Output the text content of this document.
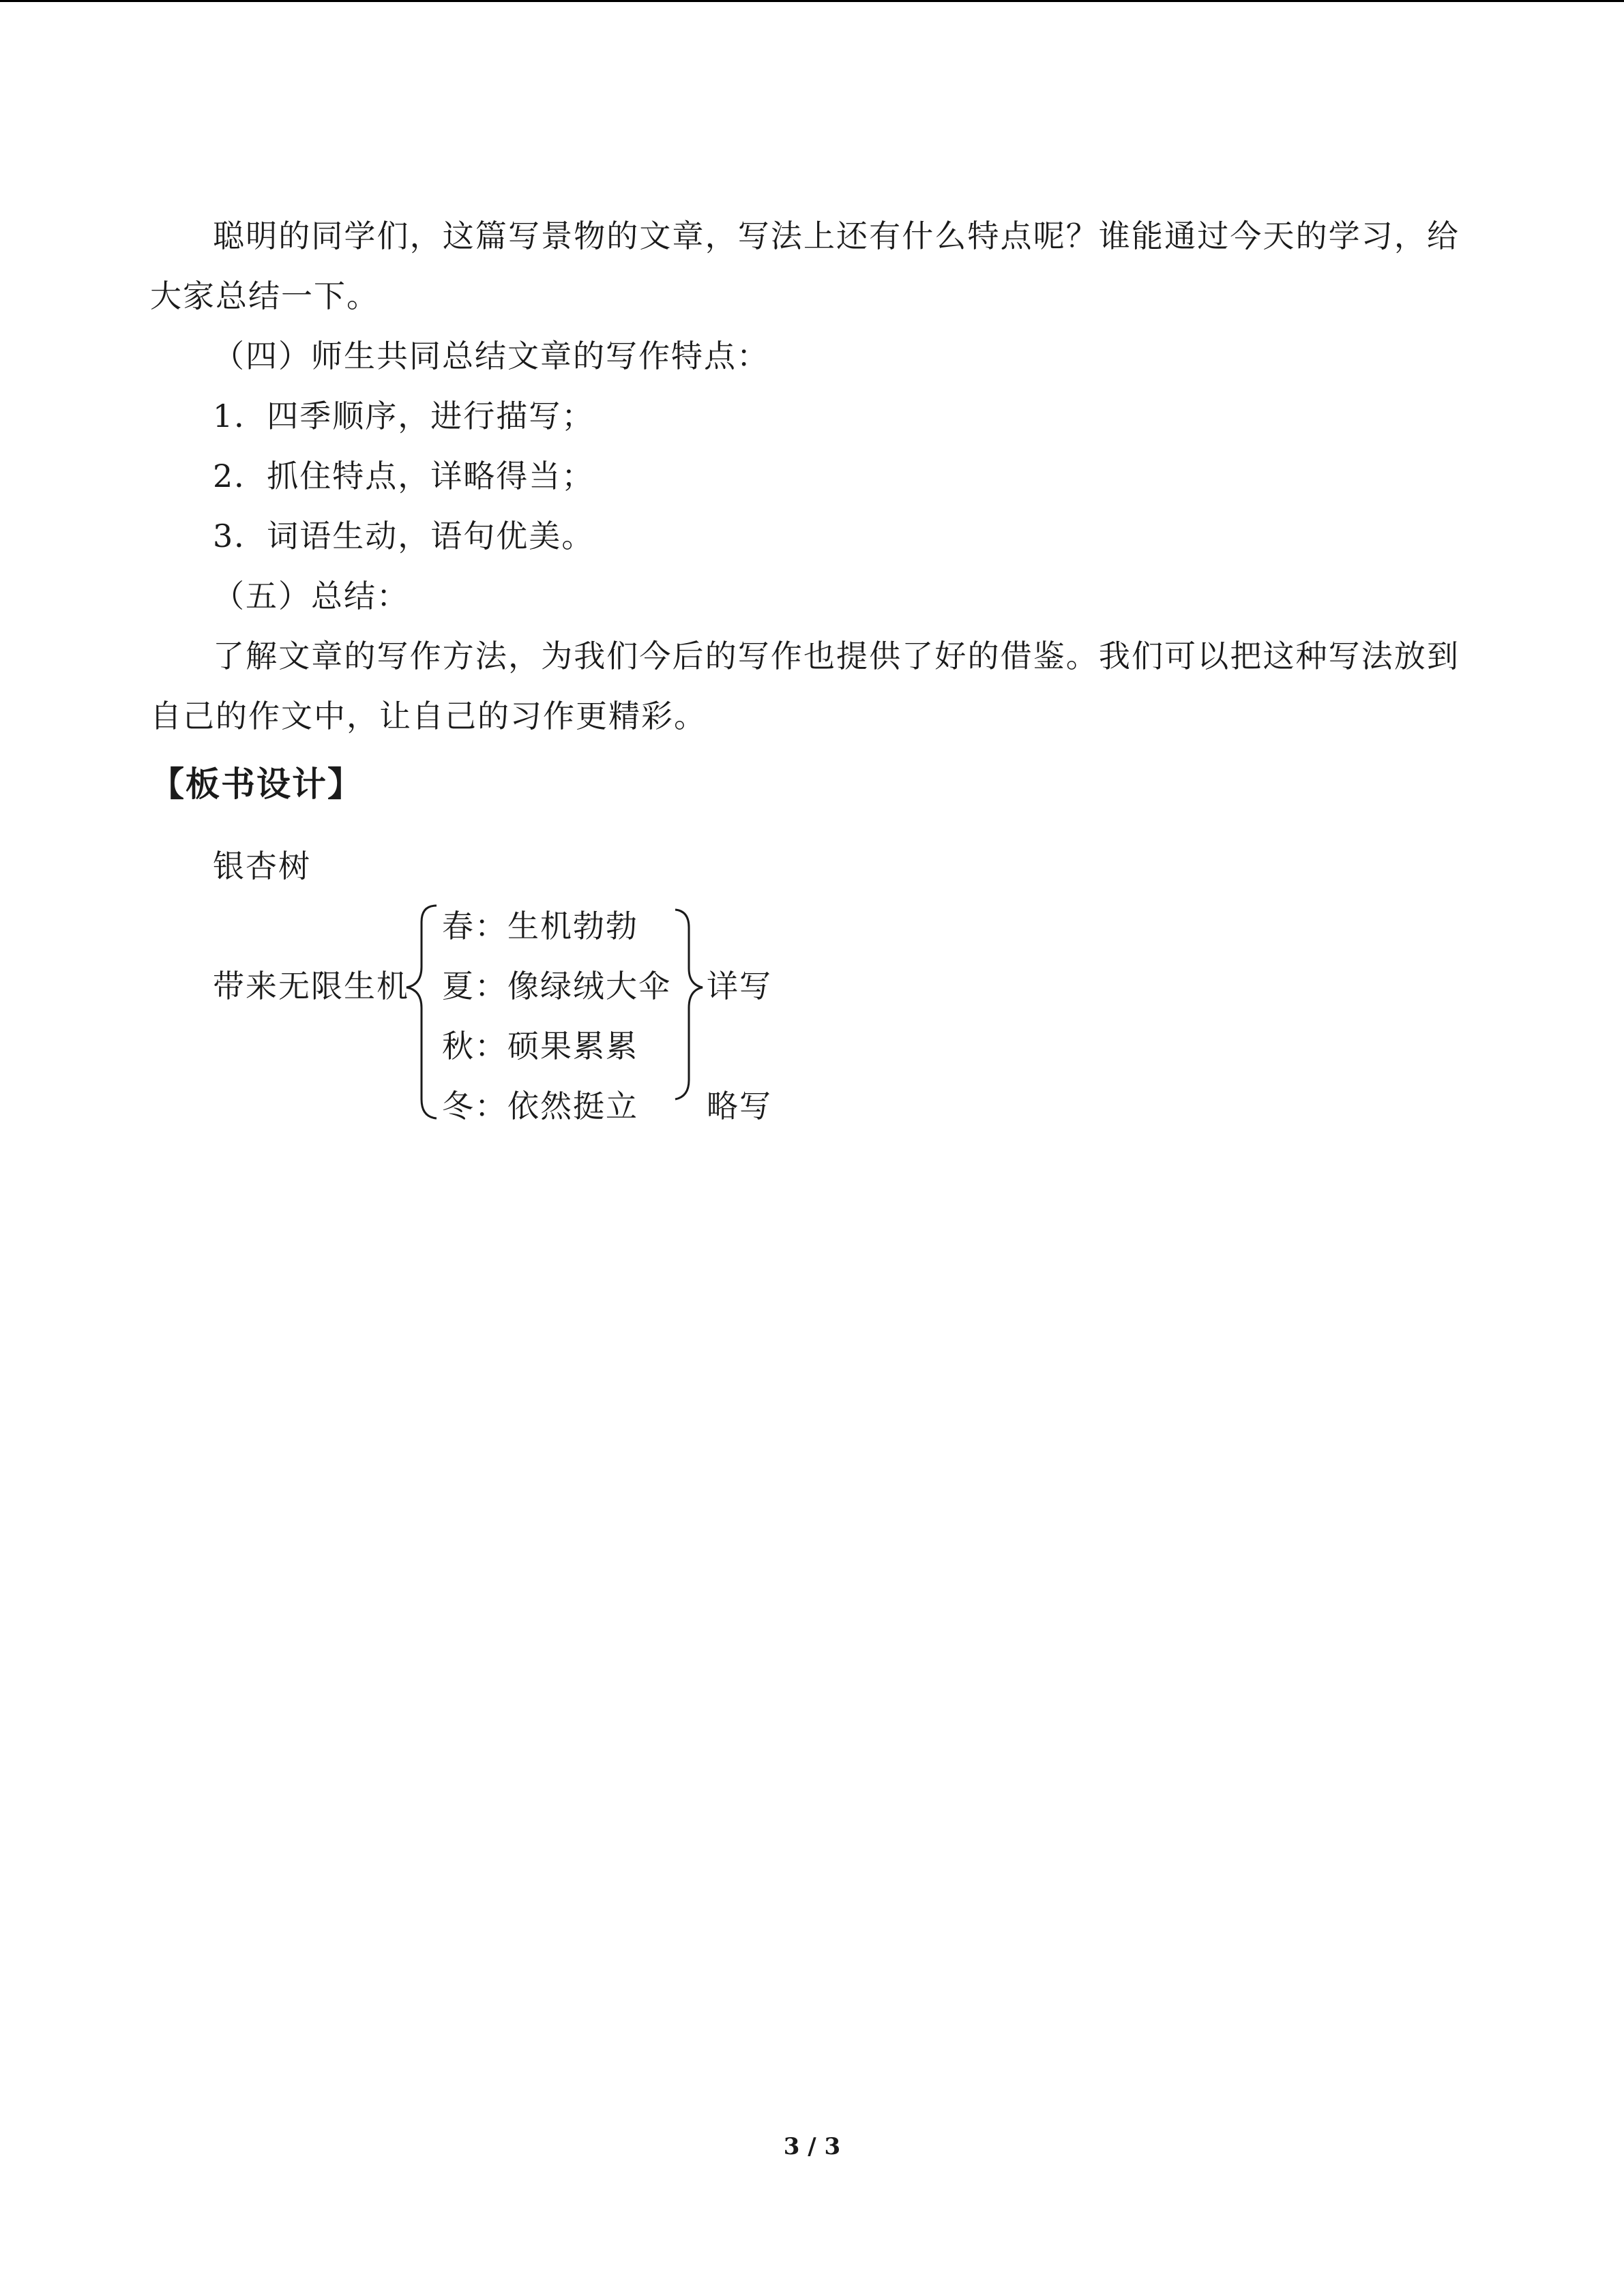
聪明的同学们，这篇写景物的文章，写法上还有什么特点呢？谁能通过今天的学习，给大家总结一下。
（四）师生共同总结文章的写作特点：
1．四季顺序，进行描写；
2．抓住特点，详略得当；
3．词语生动，语句优美。
（五）总结：
了解文章的写作方法，为我们今后的写作也提供了好的借鉴。我们可以把这种写法放到自己的作文中，让自己的习作更精彩。
【板书设计】
银杏树
带来无限生机
春：生机勃勃
夏：像绿绒大伞
秋：硕果累累
冬：依然挺立
详写
略写
3 / 3
